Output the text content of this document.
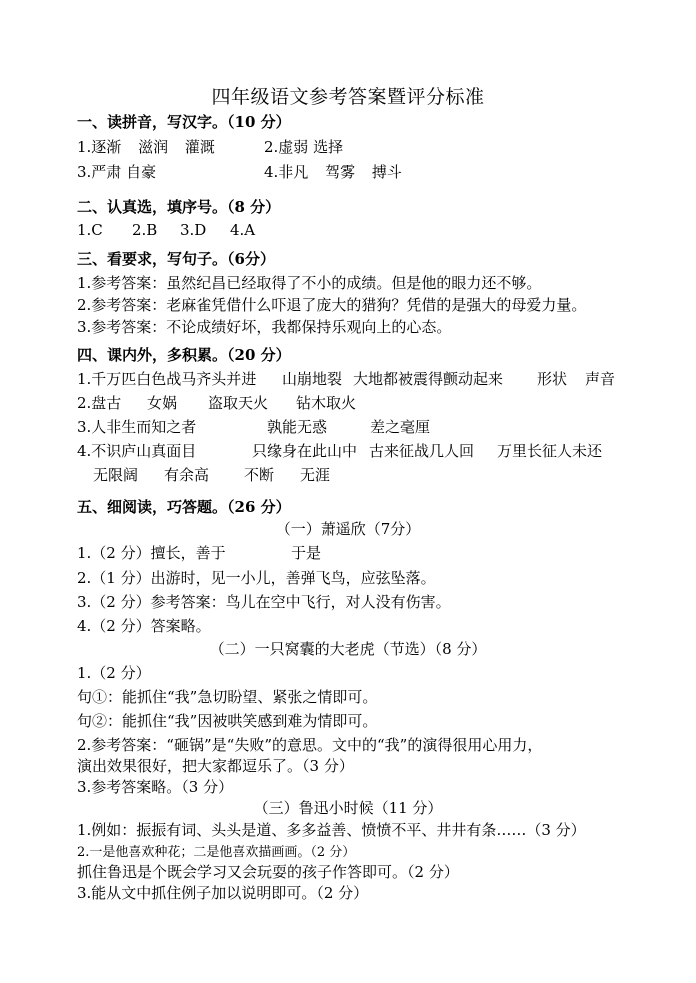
四年级语文参考答案暨评分标准
一、读拼音，写汉字。（10 分）
1.逐渐 滋润 灌溉	2.虚弱 选择
3.严肃 自豪	4.非凡 驾雾 搏斗
二、认真选，填序号。（8 分）
1.C 2.B 3.D 4.A
三、看要求，写句子。（6分）
1.参考答案：虽然纪昌已经取得了不小的成绩。但是他的眼力还不够。
2.参考答案：老麻雀凭借什么吓退了庞大的猎狗？凭借的是强大的母爱力量。
3.参考答案：不论成绩好坏，我都保持乐观向上的心态。
四、课内外，多积累。（20 分）
1.千万匹白色战马齐头并进 山崩地裂 大地都被震得颤动起来 形状 声音
2.盘古 女娲 盗取天火 钻木取火
3.人非生而知之者	孰能无惑	差之毫厘
4.不识庐山真面目	只缘身在此山中 古来征战几人回 万里长征人未还
无限阔 有余高 不断 无涯
五、细阅读，巧答题。（26 分）
（一）萧遥欣（7分）
1.（2 分）擅长，善于	于是
2.（1 分）出游时，见一小儿，善弹飞鸟，应弦坠落。
3.（2 分）参考答案：鸟儿在空中飞行，对人没有伤害。
4.（2 分）答案略。
（二）一只窝囊的大老虎（节选）（8 分）
1.（2 分）
句①：能抓住“我”急切盼望、紧张之情即可。
句②：能抓住“我”因被哄笑感到难为情即可。
2.参考答案：“砸锅”是“失败”的意思。文中的“我”的演得很用心用力，
演出效果很好，把大家都逗乐了。（3 分）
3.参考答案略。（3 分）
（三）鲁迅小时候（11 分）
1.例如：振振有词、头头是道、多多益善、愤愤不平、井井有条……（3 分）
2.一是他喜欢种花；二是他喜欢描画画。（2 分）
抓住鲁迅是个既会学习又会玩耍的孩子作答即可。（2 分）
3.能从文中抓住例子加以说明即可。（2 分）
